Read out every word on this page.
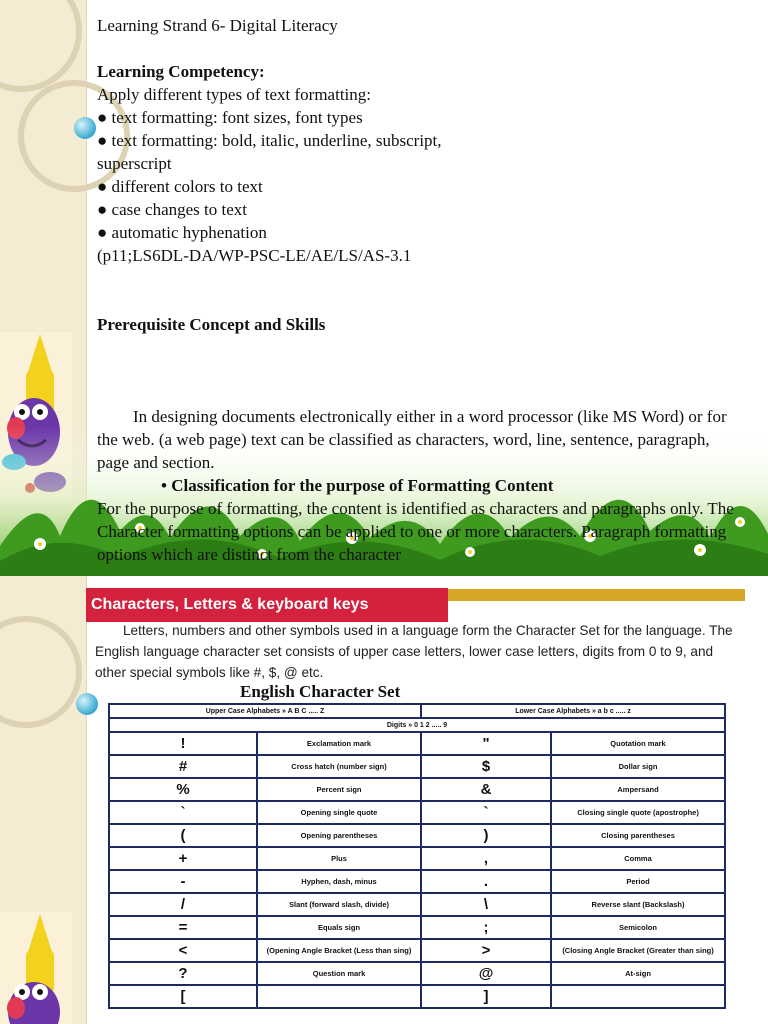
Learning Strand 6- Digital Literacy

Learning Competency:

Apply different types of text formatting:

● text formatting: font sizes, font types

● text formatting: bold, italic, underline, subscript,

superscript

● different colors to text

● case changes to text

● automatic hyphenation

(p11;LS6DL-DA/WP-PSC-LE/AE/LS/AS-3.1

Prerequisite Concept and Skills

In designing documents electronically either in a word processor (like MS Word) or for the web. (a web page) text can be classified as characters, word, line, sentence, paragraph, page and section.

• Classification for the purpose of Formatting Content

For the purpose of formatting, the content is identified as characters and paragraphs only. The Character formatting options can be applied to one or more characters. Paragraph formatting options which are distinct from the character

Characters, Letters & keyboard keys
Letters, numbers and other symbols used in a language form the Character Set for the language. The English language character set consists of upper case letters, lower case letters, digits from 0 to 9, and other special symbols like #, $, @ etc.
English Character Set
Upper Case Alphabets » A B C ..... Z		Lower Case Alphabets » a b c ..... z	
Digits » 0 1 2 ..... 9			
!	Exclamation mark	"	Quotation mark
#	Cross hatch (number sign)	$	Dollar sign
%	Percent sign	&	Ampersand
`	Opening single quote	`	Closing single quote (apostrophe)
(	Opening parentheses	)	Closing parentheses
+	Plus	,	Comma
-	Hyphen, dash, minus	.	Period
/	Slant (forward slash, divide)	\	Reverse slant (Backslash)
=	Equals sign	;	Semicolon
<	(Opening Angle Bracket (Less than sing)	>	(Closing Angle Bracket (Greater than sing)
?	Question mark	@	At-sign
[		]	
